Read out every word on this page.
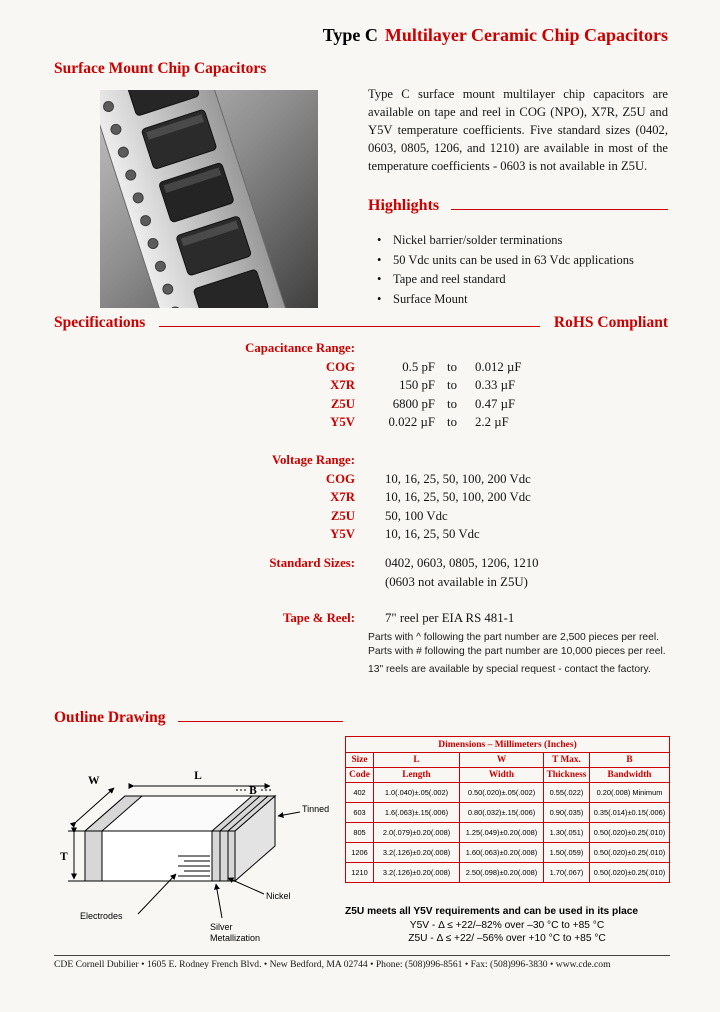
Type C Multilayer Ceramic Chip Capacitors
Surface Mount Chip Capacitors
Type C surface mount multilayer chip capacitors are available on tape and reel in COG (NPO), X7R, Z5U and Y5V temperature coefficients. Five standard sizes (0402, 0603, 0805, 1206, and 1210) are available in most of the temperature coefficients - 0603 is not available in Z5U.
Highlights
•
Nickel barrier/solder terminations
•
50 Vdc units can be used in 63 Vdc applications
•
Tape and reel standard
•
Surface Mount
Specifications	RoHS Compliant
Capacitance Range:
COG	0.5 pF to	0.012 µF
X7R	150 pF to	0.33 µF
Z5U	6800 pF to	0.47 µF
Y5V	0.022 µF to	2.2 µF
Voltage Range:
COG	10, 16, 25, 50, 100, 200 Vdc
X7R	10, 16, 25, 50, 100, 200 Vdc
Z5U	50, 100 Vdc
Y5V	10, 16, 25, 50 Vdc
Standard Sizes:	0402, 0603, 0805, 1206, 1210
(0603 not available in Z5U)
Tape & Reel:	7" reel per EIA RS 481-1
Parts with ^ following the part number are 2,500 pieces per reel. Parts with # following the part number are 10,000 pieces per reel.
13" reels are available by special request - contact the factory.
Outline Drawing
W	L
B
T
Tinned
Nickel
Silver
Metallization
Electrodes
Dimensions – Millimeters (Inches)				
Size	L	W	T Max.	B
Code	Length	Width	Thickness	Bandwidth
402	1.0(.040)±.05(.002)	0.50(.020)±.05(.002)	0.55(.022)	0.20(.008) Minimum
603	1.6(.063)±.15(.006)	0.80(.032)±.15(.006)	0.90(.035)	0.35(.014)±0.15(.006)
805	2.0(.079)±0.20(.008)	1.25(.049)±0.20(.008)	1.30(.051)	0.50(.020)±0.25(.010)
1206	3.2(.126)±0.20(.008)	1.60(.063)±0.20(.008)	1.50(.059)	0.50(.020)±0.25(.010)
1210	3.2(.126)±0.20(.008)	2.50(.098)±0.20(.008)	1.70(.067)	0.50(.020)±0.25(.010)
Z5U meets all Y5V requirements and can be used in its place
Y5V - Δ ≤ +22/–82% over –30 °C to +85 °C
Z5U - Δ ≤ +22/ –56% over +10 °C to +85 °C
CDE Cornell Dubilier • 1605 E. Rodney French Blvd. • New Bedford, MA 02744 • Phone: (508)996-8561 • Fax: (508)996-3830 • www.cde.com
